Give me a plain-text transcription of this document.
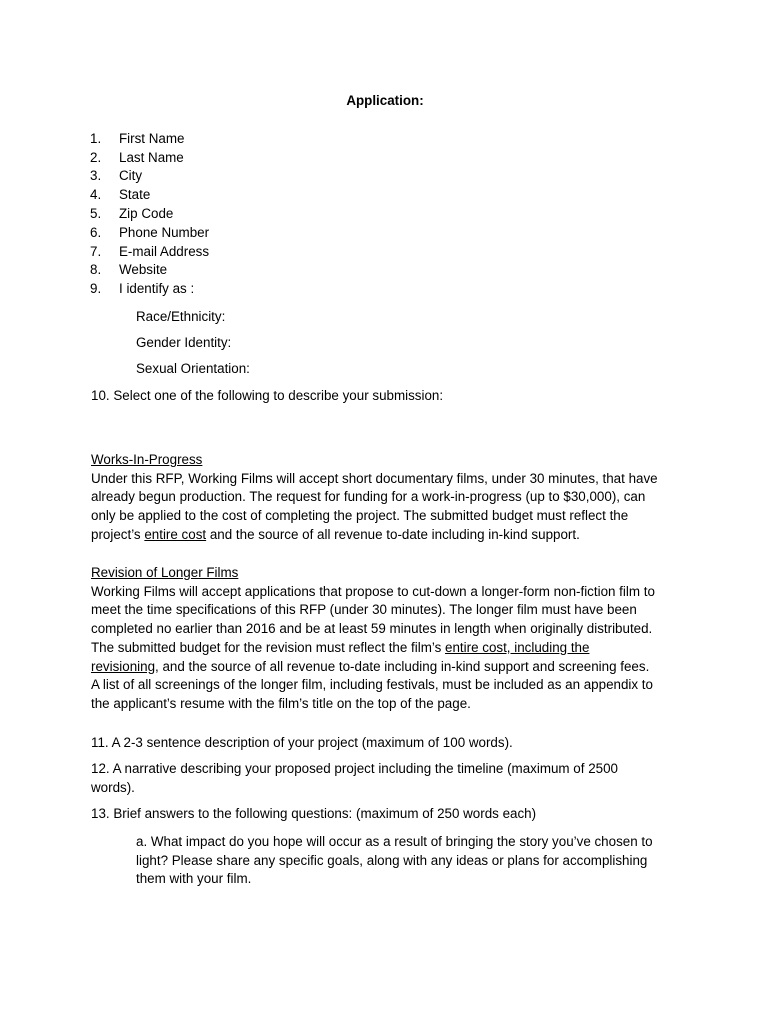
Application:
1. First Name
2. Last Name
3. City
4. State
5. Zip Code
6. Phone Number
7. E-mail Address
8. Website
9. I identify as :
Race/Ethnicity:
Gender Identity:
Sexual Orientation:
10. Select one of the following to describe your submission:
Works-In-Progress
Under this RFP, Working Films will accept short documentary films, under 30 minutes, that have
already begun production. The request for funding for a work-in-progress (up to $30,000), can
only be applied to the cost of completing the project. The submitted budget must reflect the
project’s entire cost and the source of all revenue to-date including in-kind support.
Revision of Longer Films
Working Films will accept applications that propose to cut-down a longer-form non-fiction film to
meet the time specifications of this RFP (under 30 minutes). The longer film must have been
completed no earlier than 2016 and be at least 59 minutes in length when originally distributed.
The submitted budget for the revision must reflect the film’s entire cost, including the
revisioning, and the source of all revenue to-date including in-kind support and screening fees.
A list of all screenings of the longer film, including festivals, must be included as an appendix to
the applicant’s resume with the film’s title on the top of the page.
11. A 2-3 sentence description of your project (maximum of 100 words).
12. A narrative describing your proposed project including the timeline (maximum of 2500
words).
13. Brief answers to the following questions: (maximum of 250 words each)
a. What impact do you hope will occur as a result of bringing the story you’ve chosen to
light? Please share any specific goals, along with any ideas or plans for accomplishing
them with your film.
